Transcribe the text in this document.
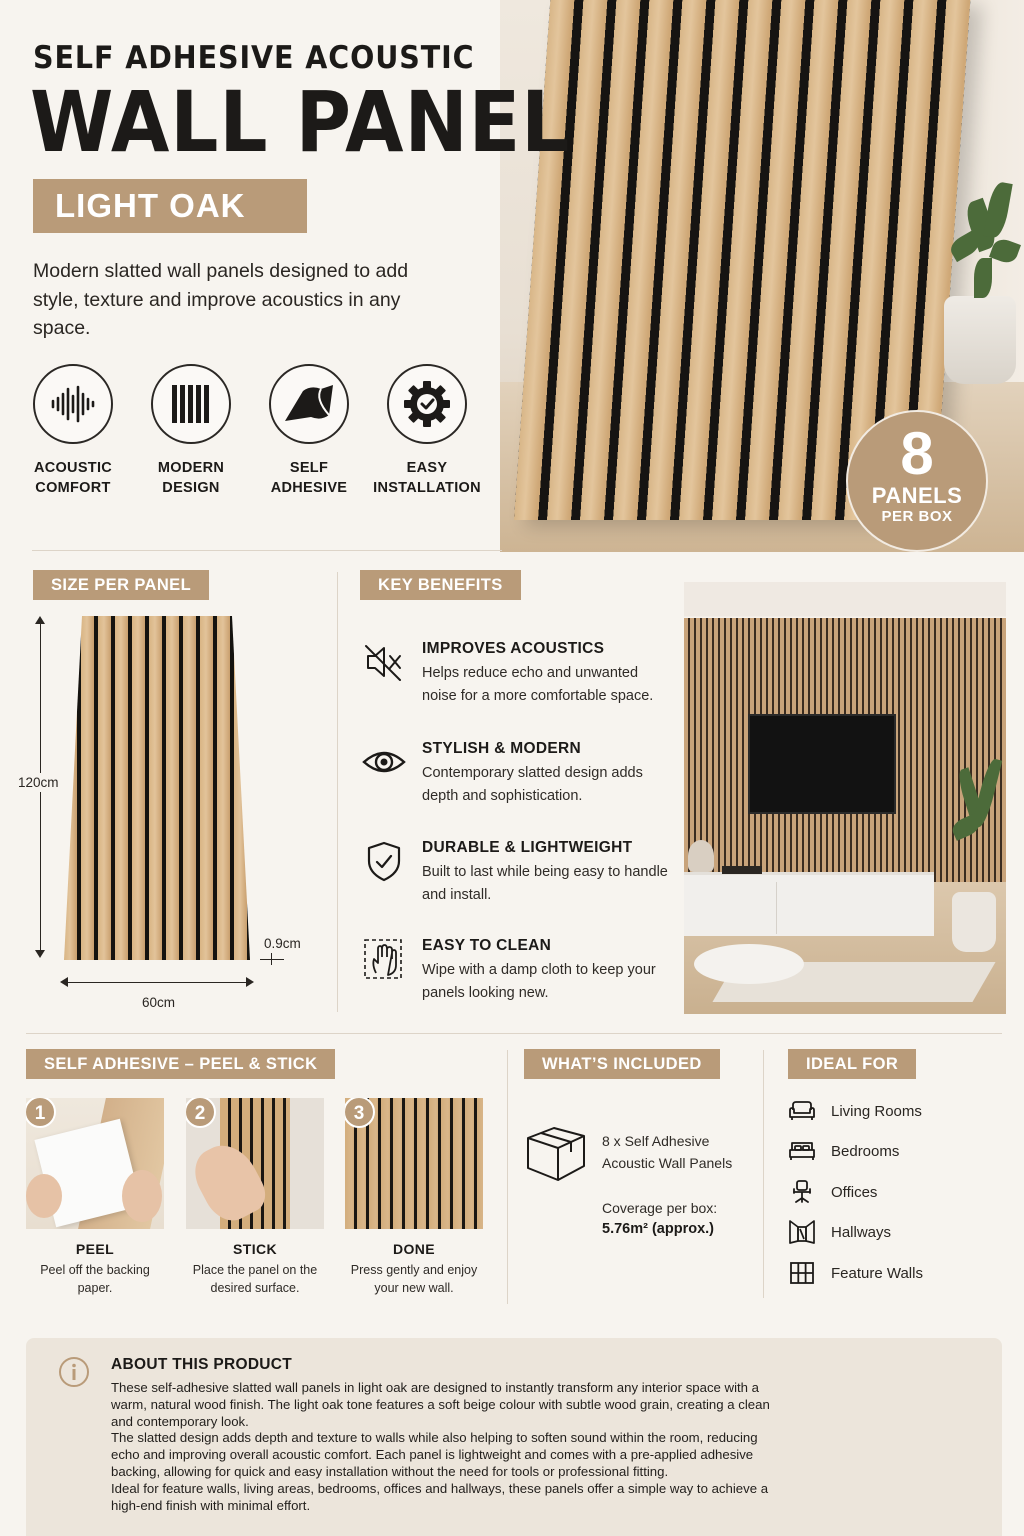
SELF ADHESIVE ACOUSTIC
WALL PANEL
LIGHT OAK
Modern slatted wall panels designed to add style, texture and improve acoustics in any space.
ACOUSTIC
COMFORT
MODERN
DESIGN
SELF
ADHESIVE
EASY
INSTALLATION
8
PANELS
PER BOX
SIZE PER PANEL
120cm
60cm
0.9cm
KEY BENEFITS
IMPROVES ACOUSTICS
Helps reduce echo and unwanted noise for a more comfortable space.
STYLISH & MODERN
Contemporary slatted design adds depth and sophistication.
DURABLE & LIGHTWEIGHT
Built to last while being easy to handle and install.
EASY TO CLEAN
Wipe with a damp cloth to keep your panels looking new.
SELF ADHESIVE – PEEL & STICK
1
PEEL
Peel off the backing paper.
2
STICK
Place the panel on the desired surface.
3
DONE
Press gently and enjoy your new wall.
WHAT’S INCLUDED
8 x Self Adhesive Acoustic Wall Panels
Coverage per box:
5.76m² (approx.)
IDEAL FOR
Living Rooms
Bedrooms
Offices
Hallways
Feature Walls
ABOUT THIS PRODUCT

These self-adhesive slatted wall panels in light oak are designed to instantly transform any interior space with a warm, natural wood finish. The light oak tone features a soft beige colour with subtle wood grain, creating a clean and contemporary look.

The slatted design adds depth and texture to walls while also helping to soften sound within the room, reducing echo and improving overall acoustic comfort. Each panel is lightweight and comes with a pre-applied adhesive backing, allowing for quick and easy installation without the need for tools or professional fitting.

Ideal for feature walls, living areas, bedrooms, offices and hallways, these panels offer a simple way to achieve a high-end finish with minimal effort.
